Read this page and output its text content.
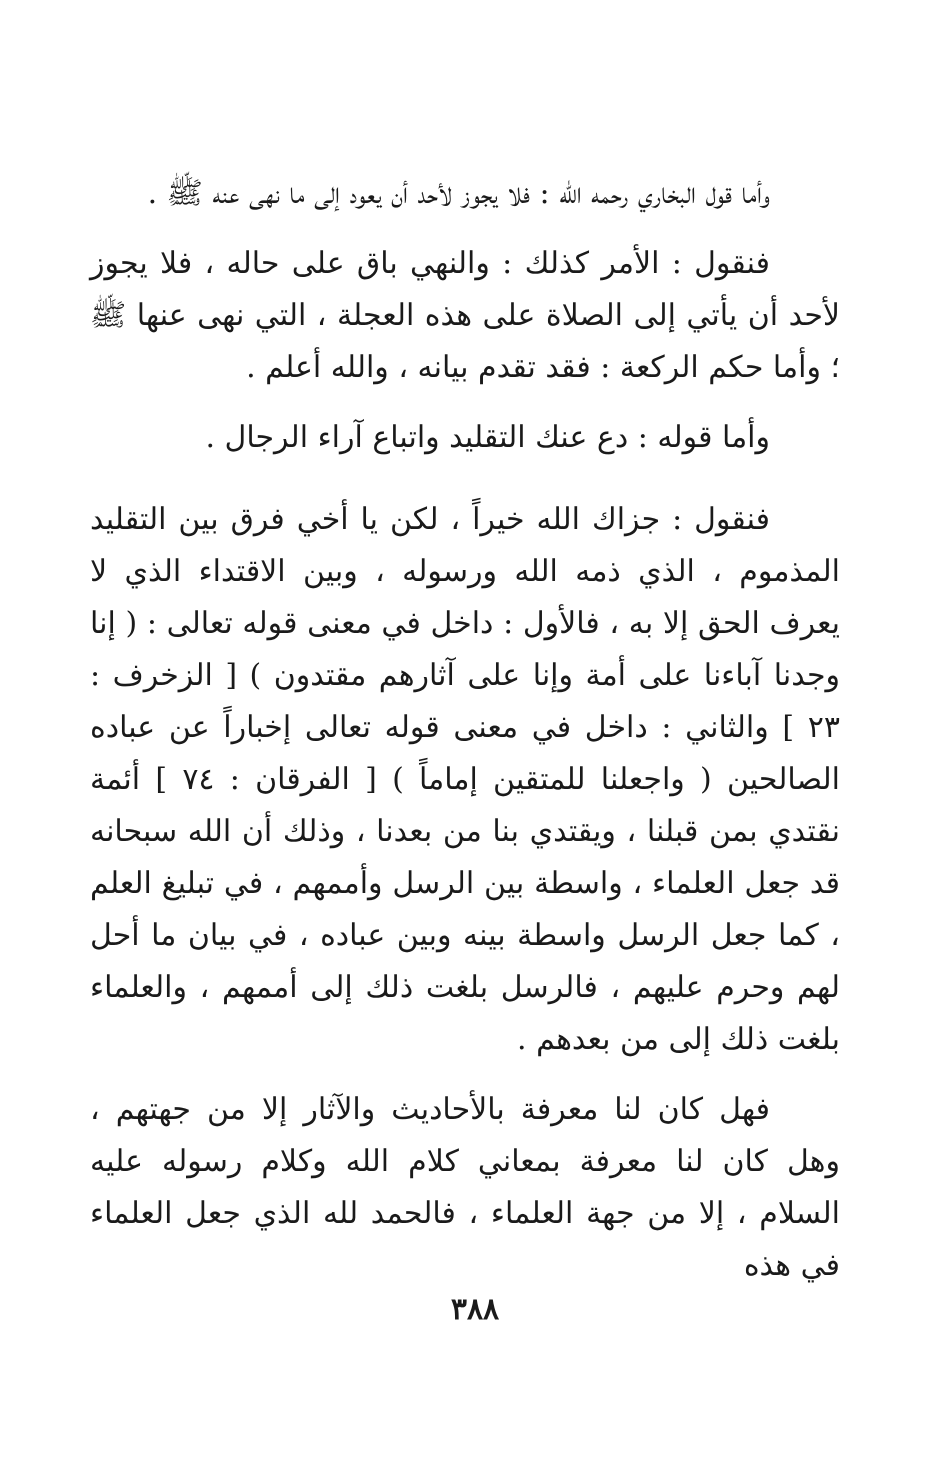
وأما قول البخاري رحمه الله : فلا يجوز لأحد أن يعود إلى ما نهى عنه ﷺ .

فنقول : الأمر كذلك : والنهي باق على حاله ، فلا يجوز لأحد أن يأتي إلى الصلاة على هذه العجلة ، التي نهى عنها ﷺ ؛ وأما حكم الركعة : فقد تقدم بيانه ، والله أعلم .

وأما قوله : دع عنك التقليد واتباع آراء الرجال .

فنقول : جزاك الله خيراً ، لكن يا أخي فرق بين التقليد المذموم ، الذي ذمه الله ورسوله ، وبين الاقتداء الذي لا يعرف الحق إلا به ، فالأول : داخل في معنى قوله تعالى : ( إنا وجدنا آباءنا على أمة وإنا على آثارهم مقتدون ) [ الزخرف : ٢٣ ] والثاني : داخل في معنى قوله تعالى إخباراً عن عباده الصالحين ( واجعلنا للمتقين إماماً ) [ الفرقان : ٧٤ ] أئمة نقتدي بمن قبلنا ، ويقتدي بنا من بعدنا ، وذلك أن الله سبحانه قد جعل العلماء ، واسطة بين الرسل وأممهم ، في تبليغ العلم ، كما جعل الرسل واسطة بينه وبين عباده ، في بيان ما أحل لهم وحرم عليهم ، فالرسل بلغت ذلك إلى أممهم ، والعلماء بلغت ذلك إلى من بعدهم .

فهل كان لنا معرفة بالأحاديث والآثار إلا من جهتهم ، وهل كان لنا معرفة بمعاني كلام الله وكلام رسوله عليه السلام ، إلا من جهة العلماء ، فالحمد لله الذي جعل العلماء في هذه

٣٨٨
